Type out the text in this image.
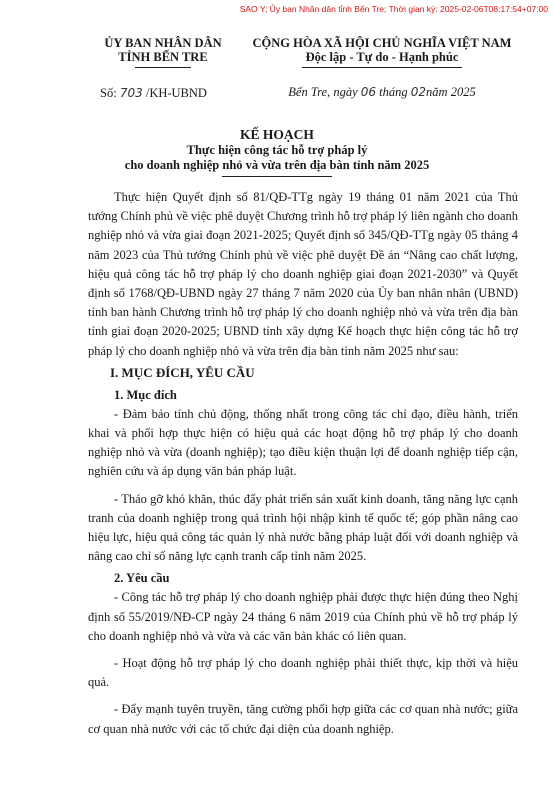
SAO Y; Ủy ban Nhân dân tỉnh Bến Tre; Thời gian ký: 2025-02-06T08:17:54+07:00
ỦY BAN NHÂN DÂN
TỈNH BẾN TRE
Số: 703 /KH-UBND
CỘNG HÒA XÃ HỘI CHỦ NGHĨA VIỆT NAM
Độc lập - Tự do - Hạnh phúc
Bến Tre, ngày 06 tháng 02năm 2025
KẾ HOẠCH
Thực hiện công tác hỗ trợ pháp lý
cho doanh nghiệp nhỏ và vừa trên địa bàn tỉnh năm 2025

Thực hiện Quyết định số 81/QĐ-TTg ngày 19 tháng 01 năm 2021 của Thủ tướng Chính phủ về việc phê duyệt Chương trình hỗ trợ pháp lý liên ngành cho doanh nghiệp nhỏ và vừa giai đoạn 2021-2025; Quyết định số 345/QĐ-TTg ngày 05 tháng 4 năm 2023 của Thủ tướng Chính phủ về việc phê duyệt Đề án “Nâng cao chất lượng, hiệu quả công tác hỗ trợ pháp lý cho doanh nghiệp giai đoạn 2021-2030” và Quyết định số 1768/QĐ-UBND ngày 27 tháng 7 năm 2020 của Ủy ban nhân nhân (UBND) tỉnh ban hành Chương trình hỗ trợ pháp lý cho doanh nghiệp nhỏ và vừa trên địa bàn tỉnh giai đoạn 2020-2025; UBND tỉnh xây dựng Kế hoạch thực hiện công tác hỗ trợ pháp lý cho doanh nghiệp nhỏ và vừa trên địa bàn tỉnh năm 2025 như sau:

I. MỤC ĐÍCH, YÊU CẦU
1. Mục đích

- Đảm bảo tính chủ động, thống nhất trong công tác chỉ đạo, điều hành, triển khai và phối hợp thực hiện có hiệu quả các hoạt động hỗ trợ pháp lý cho doanh nghiệp nhỏ và vừa (doanh nghiệp); tạo điều kiện thuận lợi để doanh nghiệp tiếp cận, nghiên cứu và áp dụng văn bản pháp luật.

- Tháo gỡ khó khăn, thúc đẩy phát triển sản xuất kinh doanh, tăng năng lực cạnh tranh của doanh nghiệp trong quá trình hội nhập kinh tế quốc tế; góp phần nâng cao hiệu lực, hiệu quả công tác quản lý nhà nước bằng pháp luật đối với doanh nghiệp và nâng cao chỉ số năng lực cạnh tranh cấp tỉnh năm 2025.

2. Yêu cầu

- Công tác hỗ trợ pháp lý cho doanh nghiệp phải được thực hiện đúng theo Nghị định số 55/2019/NĐ-CP ngày 24 tháng 6 năm 2019 của Chính phủ về hỗ trợ pháp lý cho doanh nghiệp nhỏ và vừa và các văn bản khác có liên quan.

- Hoạt động hỗ trợ pháp lý cho doanh nghiệp phải thiết thực, kịp thời và hiệu quả.

- Đẩy mạnh tuyên truyền, tăng cường phối hợp giữa các cơ quan nhà nước; giữa cơ quan nhà nước với các tổ chức đại diện của doanh nghiệp.
